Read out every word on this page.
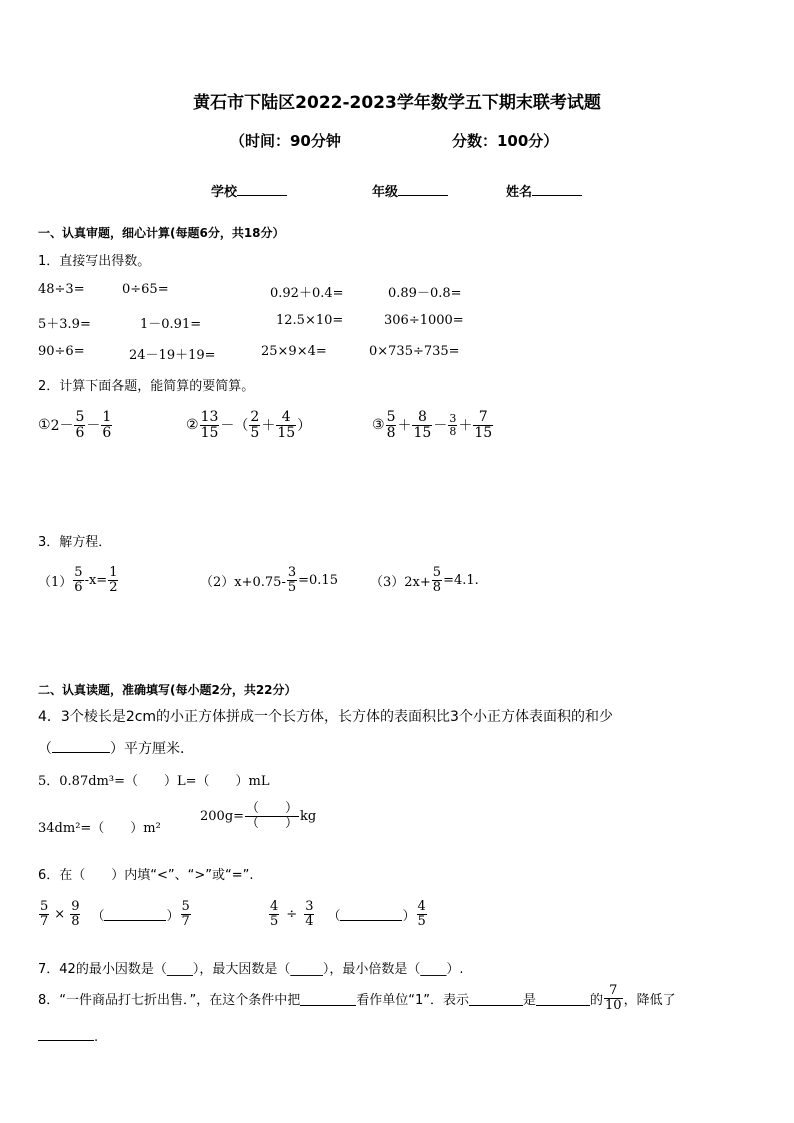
黄石市下陆区2022-2023学年数学五下期末联考试题
（时间：90分钟	分数：100分）
学校	年级	姓名
一、认真审题，细心计算(每题6分，共18分）
1．直接写出得数。
48÷3=	0÷65=	0.92＋0.4=	0.89－0.8=
5＋3.9=	1－0.91=	12.5×10=	306÷1000=
90÷6=	24－19＋19=	25×9×4=	0×735÷735=
2．计算下面各题，能简算的要简算。
① $2- \frac{5}{6} - \frac{1}{6}$	② $\frac{13}{15}$ －（ $\frac{2}{5} + \frac{4}{15}$ ）	③ $\frac{5}{8} + \frac{8}{15} - \frac{3}{8} + \frac{7}{15}$
3．解方程．
$(1) \frac{5}{6} -x= \frac{1}{2}$	$(2)x+0.75- \frac{3}{5} =0.15$ $(3)2x+ \frac{5}{8} =4.1$.
二、认真读题，准确填写(每小题2分，共22分）
4．3个棱长是2cm的小正方体拼成一个长方体，长方体的表面积比3个小正方体表面积的和少
（	）平方厘米．
5．0.87dm³=（　　）L=（　　）mL
34dm²=（　　）m²
$200g= \frac{( )}{( )}$ kg
6．在（　　）内填“<”、“>”或“=”.
$\frac{5}{7} \times \frac{9}{8}$ （	） $\frac{5}{7}$	$\frac{4}{5} \div \frac{3}{4}$ （	） $\frac{4}{5}$
7．42的最小因数是（____），最大因数是（_____），最小倍数是（____）.
8．“一件商品打七折出售．”，在这个条件中把	看作单位“1”．表示	是	的 $\frac{7}{10}$ ，降低了
.
